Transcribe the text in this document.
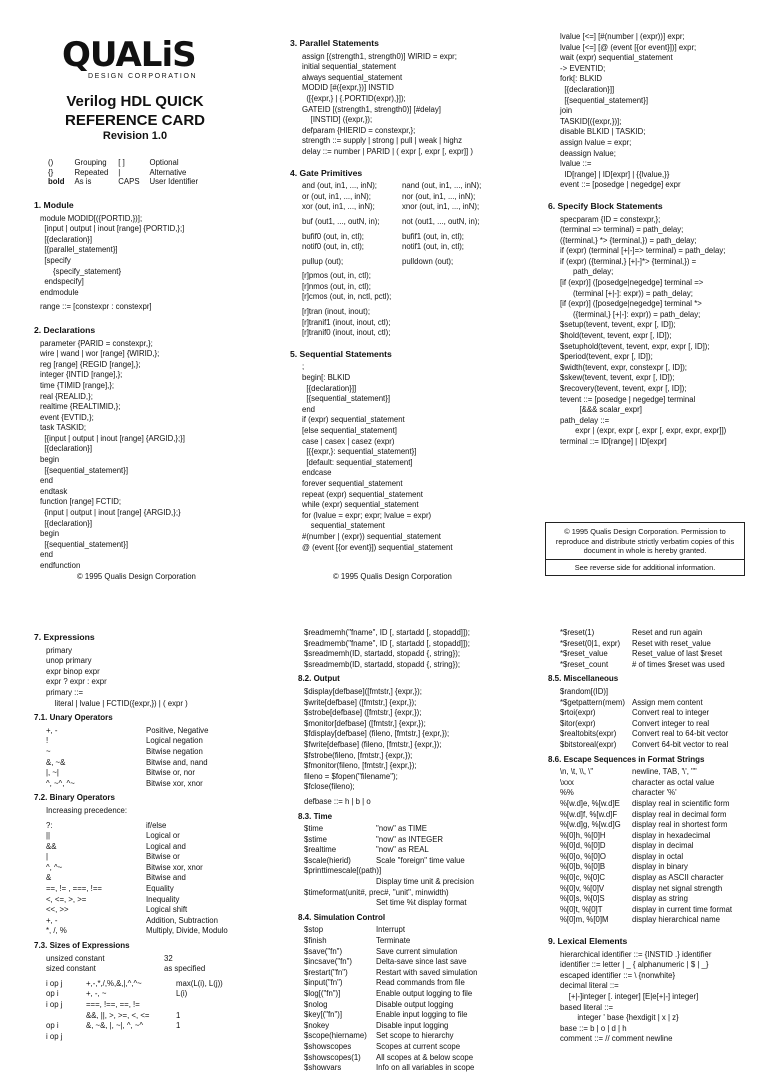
QUALiS
DESIGN CORPORATION
Verilog HDL QUICK REFERENCE CARD
Revision 1.0
()	Grouping	[ ]	Optional
{}	Repeated	|	Alternative
bold	As is	CAPS	User Identifier
1. Module
module MODID[({PORTID,})];
[input | output | inout [range] {PORTID,};]
[{declaration}]
[{parallel_statement}]
[specify
{specify_statement}
endspecify]
endmodule
range ::= [constexpr : constexpr]
2. Declarations
parameter {PARID = constexpr,};
wire | wand | wor [range] {WIRID,};
reg [range] {REGID [range],};
integer {INTID [range],};
time {TIMID [range],};
real {REALID,};
realtime {REALTIMID,};
event {EVTID,};
task TASKID;
[{input | output | inout [range] {ARGID,};}]
[{declaration}]
begin
[{sequential_statement}]
end
endtask
function [range] FCTID;
{input | output | inout [range] {ARGID,};}
[{declaration}]
begin
[{sequential_statement}]
end
endfunction
© 1995 Qualis Design Corporation
3. Parallel Statements
assign [(strength1, strength0)] WIRID = expr;
initial sequential_statement
always sequential_statement
MODID [#({expr,})] INSTID
([{expr,} | {.PORTID(expr),}]);
GATEID [(strength1, strength0)] [#delay]
[INSTID] ({expr,});
defparam {HIERID = constexpr,};
strength ::= supply | strong | pull | weak | highz
delay ::= number | PARID | ( expr [, expr [, expr]] )
4. Gate Primitives
and (out, in1, ..., inN);	nand (out, in1, ..., inN);
or (out, in1, ..., inN);	nor (out, in1, ..., inN);
xor (out, in1, ..., inN);	xnor (out, in1, ..., inN);
buf (out1, ..., outN, in);	not (out1, ..., outN, in);
bufif0 (out, in, ctl);	bufif1 (out, in, ctl);
notif0 (out, in, ctl);	notif1 (out, in, ctl);
pullup (out);	pulldown (out);
[r]pmos (out, in, ctl);
[r]nmos (out, in, ctl);
[r]cmos (out, in, nctl, pctl);
[r]tran (inout, inout);
[r]tranif1 (inout, inout, ctl);
[r]tranif0 (inout, inout, ctl);
5. Sequential Statements
;
begin[: BLKID
[{declaration}]]
[{sequential_statement}]
end
if (expr) sequential_statement
[else sequential_statement]
case | casex | casez (expr)
[{{expr,}: sequential_statement}]
[default: sequential_statement]
endcase
forever sequential_statement
repeat (expr) sequential_statement
while (expr) sequential_statement
for (lvalue = expr; expr; lvalue = expr)
sequential_statement
#(number | (expr)) sequential_statement
@ (event [{or event}]) sequential_statement
© 1995 Qualis Design Corporation
lvalue [<=] [#(number | (expr))] expr;
lvalue [<=] [@ (event [{or event}])] expr;
wait (expr) sequential_statement
-> EVENTID;
fork[: BLKID
[{declaration}]]
[{sequential_statement}]
join
TASKID[({expr,})];
disable BLKID | TASKID;
assign lvalue = expr;
deassign lvalue;
lvalue ::=
ID[range] | ID[expr] | {{lvalue,}}
event ::= [posedge | negedge] expr
6. Specify Block Statements
specparam {ID = constexpr,};
(terminal => terminal) = path_delay;
({terminal,} *> {terminal,}) = path_delay;
if (expr) (terminal [+|-]=> terminal) = path_delay;
if (expr) ({terminal,} [+|-]*> {terminal,}) =
path_delay;
[if (expr)] ([posedge|negedge] terminal =>
(terminal [+|-]: expr)) = path_delay;
[if (expr)] ([posedge|negedge] terminal *>
({terminal,} [+|-]: expr)) = path_delay;
$setup(tevent, tevent, expr [, ID]);
$hold(tevent, tevent, expr [, ID]);
$setuphold(tevent, tevent, expr, expr [, ID]);
$period(tevent, expr [, ID]);
$width(tevent, expr, constexpr [, ID]);
$skew(tevent, tevent, expr [, ID]);
$recovery(tevent, tevent, expr [, ID]);
tevent ::= [posedge | negedge] terminal
[&&& scalar_expr]
path_delay ::=
expr | (expr, expr [, expr [, expr, expr, expr]])
terminal ::= ID[range] | ID[expr]
© 1995 Qualis Design Corporation. Permission to reproduce and distribute strictly verbatim copies of this document in whole is hereby granted.
See reverse side for additional information.
7. Expressions
primary
unop primary
expr binop expr
expr ? expr : expr
primary ::=
literal | lvalue | FCTID({expr,}) | ( expr )
7.1. Unary Operators
+, -	Positive, Negative
!	Logical negation
~	Bitwise negation
&, ~&	Bitwise and, nand
|, ~|	Bitwise or, nor
^, ~^, ^~	Bitwise xor, xnor
7.2. Binary Operators
Increasing precedence:
?:	if/else
||	Logical or
&&	Logical and
|	Bitwise or
^, ^~	Bitwise xor, xnor
&	Bitwise and
==, != , ===, !==	Equality
<, <=, >, >=	Inequality
<<, >>	Logical shift
+, -	Addition, Subtraction
*, /, %	Multiply, Divide, Modulo
7.3. Sizes of Expressions
unsized constant	32
sized constant	as specified
i op j	+,-,*,/,%,&,|,^,^~	max(L(i), L(j))
op i	+, -, ~	L(i)
i op j	===, !==, ==, !=
&&, ||, >, >=, <, <=	1
op i	&, ~&, |, ~|, ^, ~^	1
i op j
$readmemh("fname", ID [, startadd [, stopadd]]);
$readmemb("fname", ID [, startadd [, stopadd]]);
$sreadmemh(ID, startadd, stopadd {, string});
$sreadmemb(ID, startadd, stopadd {, string});
8.2. Output
$display[defbase]([fmtstr,] {expr,});
$write[defbase] ([fmtstr,] {expr,});
$strobe[defbase] ([fmtstr,] {expr,});
$monitor[defbase] ([fmtstr,] {expr,});
$fdisplay[defbase] (fileno, [fmtstr,] {expr,});
$fwrite[defbase] (fileno, [fmtstr,] {expr,});
$fstrobe(fileno, [fmtstr,] {expr,});
$fmonitor(fileno, [fmtstr,] {expr,});
fileno = $fopen("filename");
$fclose(fileno);
defbase ::= h | b | o
8.3. Time
$time	"now" as TIME
$stime	"now" as INTEGER
$realtime	"now" as REAL
$scale(hierid)	Scale "foreign" time value
$printtimescale[(path)]
Display time unit & precision
$timeformat(unit#, prec#, "unit", minwidth)
Set time %t display format
8.4. Simulation Control
$stop	Interrupt
$finish	Terminate
$save("fn")	Save current simulation
$incsave("fn")	Delta-save since last save
$restart("fn")	Restart with saved simulation
$input("fn")	Read commands from file
$log[("fn")]	Enable output logging to file
$nolog	Disable output logging
$key[("fn")]	Enable input logging to file
$nokey	Disable input logging
$scope(hiername)	Set scope to hierarchy
$showscopes	Scopes at current scope
$showscopes(1)	All scopes at & below scope
$showvars	Info on all variables in scope
*$reset(1)	Reset and run again
*$reset(0|1, expr)	Reset with reset_value
*$reset_value	Reset_value of last $reset
*$reset_count	# of times $reset was used
8.5. Miscellaneous
$random[(ID)]
*$getpattern(mem) Assign mem content
$rtoi(expr)	Convert real to integer
$itor(expr)	Convert integer to real
$realtobits(expr)	Convert real to 64-bit vector
$bitstoreal(expr)	Convert 64-bit vector to real
8.6. Escape Sequences in Format Strings
\n, \t, \\, \"	newline, TAB, '\', '"'
\xxx	character as octal value
%%	character '%'
%[w.d]e, %[w.d]E	display real in scientific form
%[w.d]f, %[w.d]F	display real in decimal form
%[w.d]g, %[w.d]G	display real in shortest form
%[0]h, %[0]H	display in hexadecimal
%[0]d, %[0]D	display in decimal
%[0]o, %[0]O	display in octal
%[0]b, %[0]B	display in binary
%[0]c, %[0]C	display as ASCII character
%[0]v, %[0]V	display net signal strength
%[0]s, %[0]S	display as string
%[0]t, %[0]T	display in current time format
%[0]m, %[0]M	display hierarchical name
9. Lexical Elements
hierarchical identifier ::= {INSTID .} identifier
identifier ::= letter | _ { alphanumeric | $ | _}
escaped identifier ::= \ {nonwhite}
decimal literal ::=
[+|-]integer [. integer] [E|e[+|-] integer]
based literal ::=
integer ' base {hexdigit | x | z}
base ::= b | o | d | h
comment ::= // comment newline
